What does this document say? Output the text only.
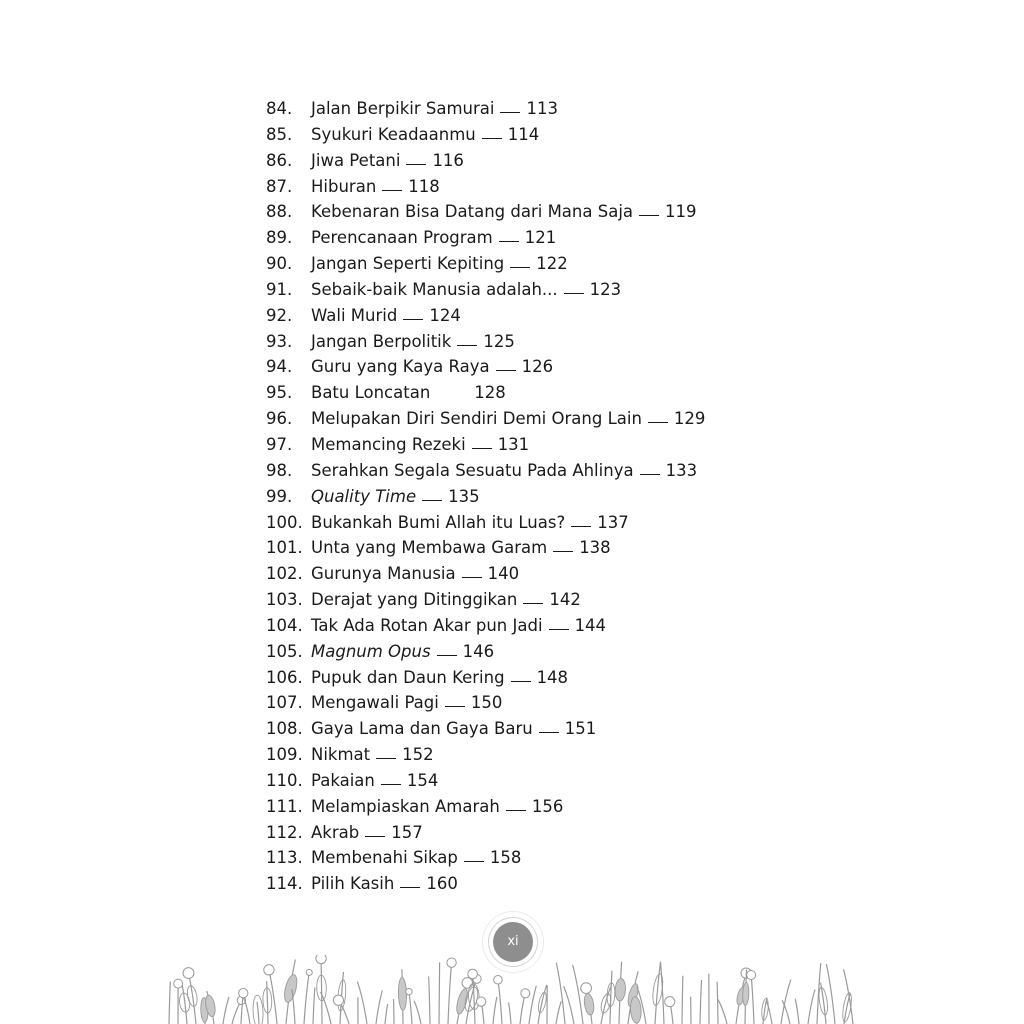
84.	Jalan Berpikir Samurai 113
85.	Syukuri Keadaanmu 114
86.	Jiwa Petani 116
87.	Hiburan 118
88.	Kebenaran Bisa Datang dari Mana Saja 119
89.	Perencanaan Program 121
90.	Jangan Seperti Kepiting 122
91.	Sebaik-baik Manusia adalah... 123
92.	Wali Murid 124
93.	Jangan Berpolitik 125
94.	Guru yang Kaya Raya 126
95.	Batu Loncatan	128
96.	Melupakan Diri Sendiri Demi Orang Lain 129
97.	Memancing Rezeki 131
98.	Serahkan Segala Sesuatu Pada Ahlinya 133
99.	Quality Time 135
100. Bukankah Bumi Allah itu Luas? 137
101. Unta yang Membawa Garam 138
102. Gurunya Manusia 140
103. Derajat yang Ditinggikan 142
104. Tak Ada Rotan Akar pun Jadi 144
105. Magnum Opus 146
106. Pupuk dan Daun Kering 148
107. Mengawali Pagi 150
108. Gaya Lama dan Gaya Baru 151
109. Nikmat 152
110. Pakaian 154
111. Melampiaskan Amarah 156
112. Akrab 157
113. Membenahi Sikap 158
114. Pilih Kasih 160
xi
